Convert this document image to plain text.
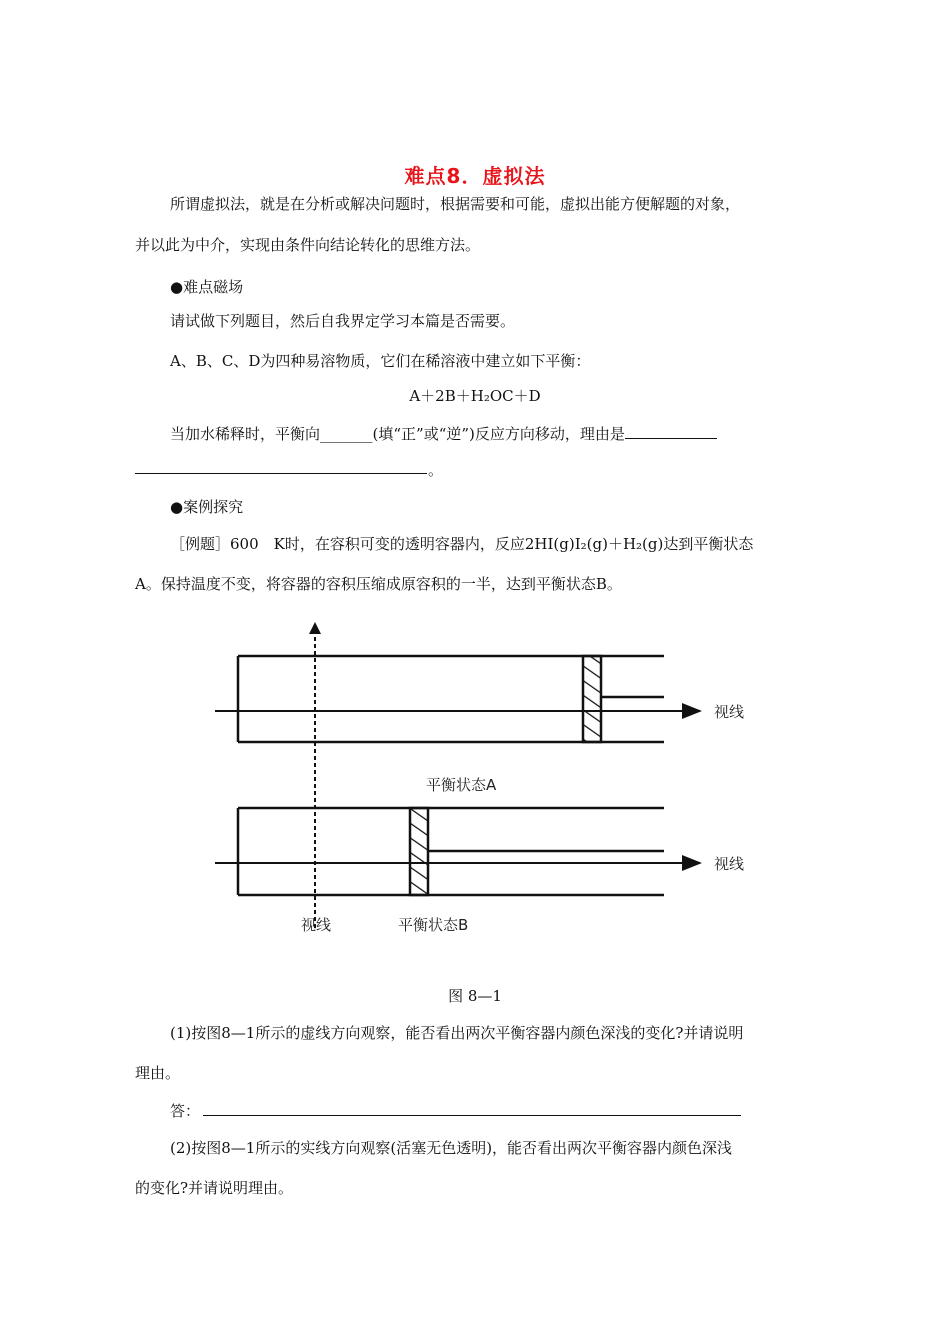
难点8．虚拟法
所谓虚拟法，就是在分析或解决问题时，根据需要和可能，虚拟出能方便解题的对象，
并以此为中介，实现由条件向结论转化的思维方法。
●难点磁场
请试做下列题目，然后自我界定学习本篇是否需要。
A、B、C、D为四种易溶物质，它们在稀溶液中建立如下平衡：
A＋2B＋H₂OC＋D
当加水稀释时，平衡向_______(填“正”或“逆”)反应方向移动，理由是
。
●案例探究
［例题］600　K时，在容积可变的透明容器内，反应2HI(g)I₂(g)＋H₂(g)达到平衡状态
A。保持温度不变，将容器的容积压缩成原容积的一半，达到平衡状态B。
视线
平衡状态A
视线
视线	平衡状态B
图 8—1
(1)按图8—1所示的虚线方向观察，能否看出两次平衡容器内颜色深浅的变化?并请说明
理由。
答：
(2)按图8—1所示的实线方向观察(活塞无色透明)，能否看出两次平衡容器内颜色深浅
的变化?并请说明理由。
